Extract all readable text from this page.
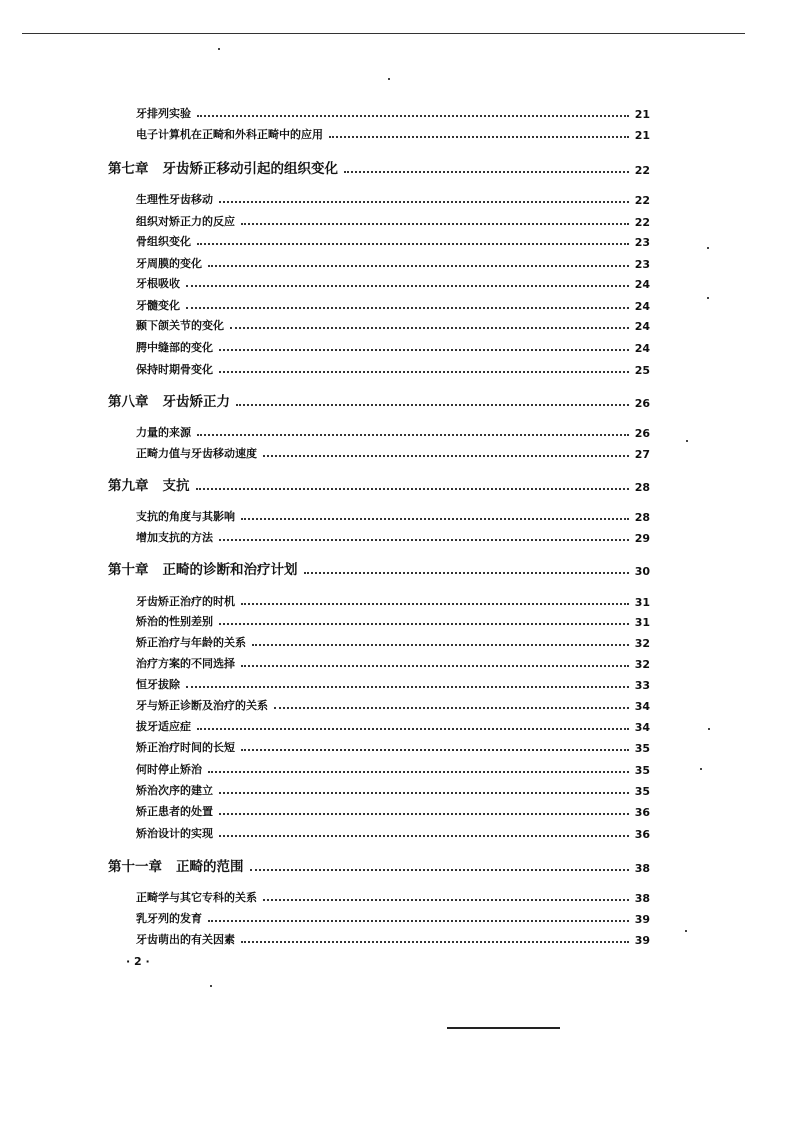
牙排列实验	21
电子计算机在正畸和外科正畸中的应用	21
第七章 牙齿矫正移动引起的组织变化	22
生理性牙齿移动	22
组织对矫正力的反应	22
骨组织变化	23
牙周膜的变化	23
牙根吸收	24
牙髓变化	24
颞下颌关节的变化	24
腭中缝部的变化	24
保持时期骨变化	25
第八章 牙齿矫正力	26
力量的来源	26
正畸力值与牙齿移动速度	27
第九章 支抗	28
支抗的角度与其影响	28
增加支抗的方法	29
第十章 正畸的诊断和治疗计划	30
牙齿矫正治疗的时机	31
矫治的性别差别	31
矫正治疗与年龄的关系	32
治疗方案的不同选择	32
恒牙拔除	33
牙与矫正诊断及治疗的关系	34
拔牙适应症	34
矫正治疗时间的长短	35
何时停止矫治	35
矫治次序的建立	35
矫正患者的处置	36
矫治设计的实现	36
第十一章 正畸的范围	38
正畸学与其它专科的关系	38
乳牙列的发育	39
牙齿萌出的有关因素	39
· 2 ·
